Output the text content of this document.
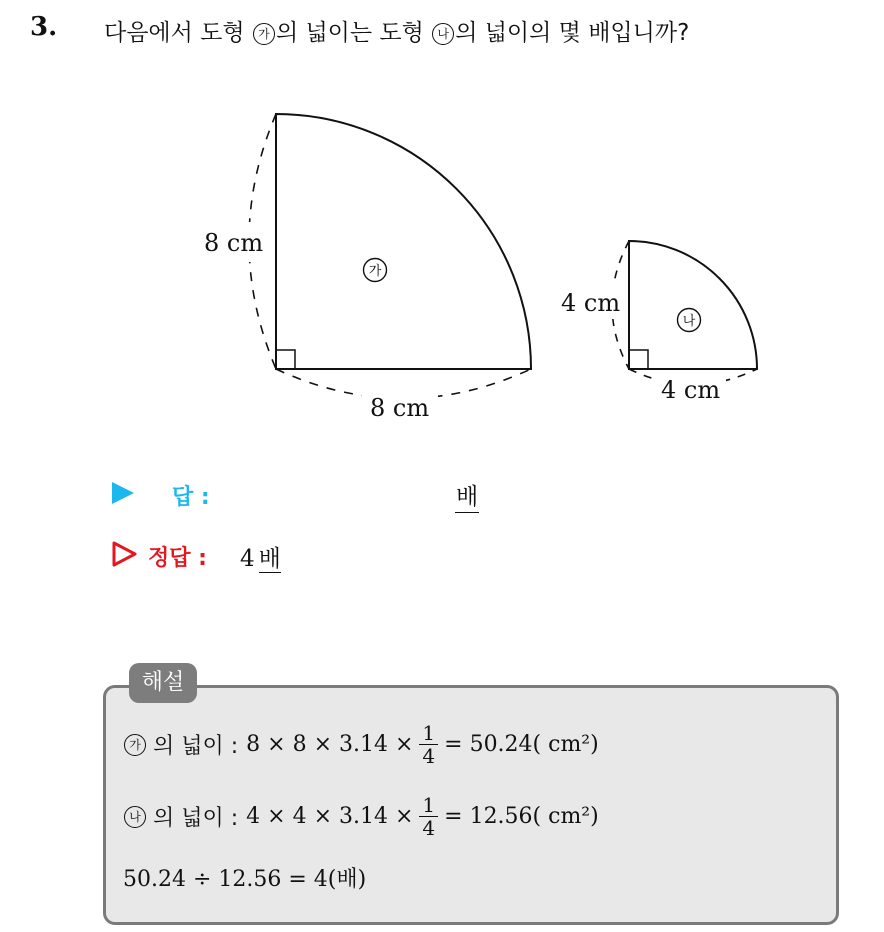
3. 다음에서 도형 가 의 넓이는 도형 나 의 넓이의 몇 배입니까?
8 cm
8 cm
가
4 cm
4 cm
나
답 :	배
정답 : 4 배
해설
가 의 넓이 : $8 \times 8 \times 3.14 \times \frac{1}{4} = 50.24$( cm²)
나 의 넓이 : $4 \times 4 \times 3.14 \times \frac{1}{4} = 12.56$( cm²)
50.24 ÷ 12.56 = 4(배)
